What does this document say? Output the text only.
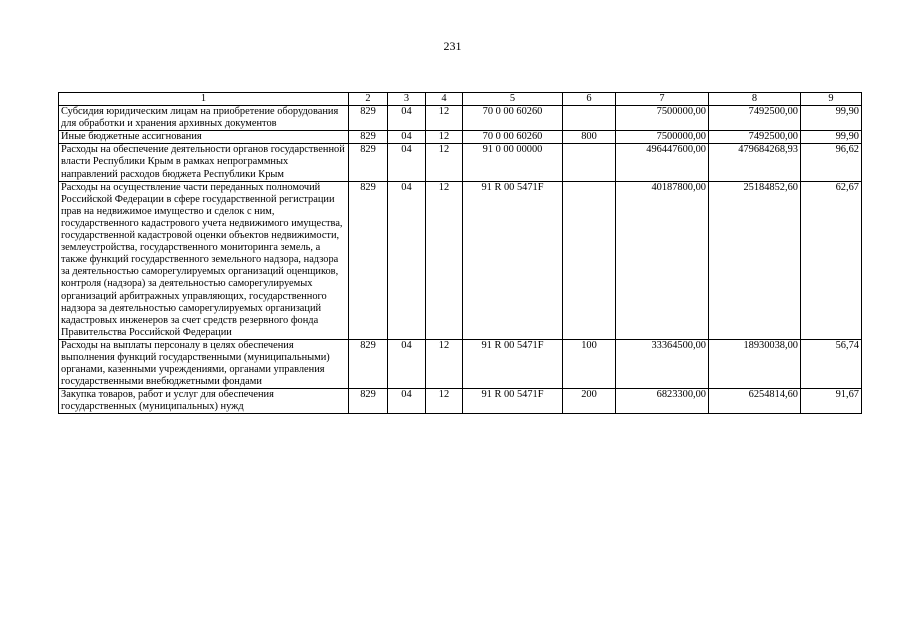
231
1	2	3	4	5	6	7	8	9
Субсидия юридическим лицам на приобретение оборудования для обработки и хранения архивных документов	829	04	12	70 0 00 60260		7500000,00	7492500,00	99,90
Иные бюджетные ассигнования	829	04	12	70 0 00 60260	800	7500000,00	7492500,00	99,90
Расходы на обеспечение деятельности органов государственной власти Республики Крым в рамках непрограммных направлений расходов бюджета Республики Крым	829	04	12	91 0 00 00000		496447600,00	479684268,93	96,62
Расходы на осуществление части переданных полномочий Российской Федерации в сфере государственной регистрации прав на недвижимое имущество и сделок с ним, государственного кадастрового учета недвижимого имущества, государственной кадастровой оценки объектов недвижимости, землеустройства, государственного мониторинга земель, а также функций государственного земельного надзора, надзора за деятельностью саморегулируемых организаций оценщиков, контроля (надзора) за деятельностью саморегулируемых организаций арбитражных управляющих, государственного надзора за деятельностью саморегулируемых организаций кадастровых инженеров за счет средств резервного фонда Правительства Российской Федерации	829	04	12	91 R 00 5471F		40187800,00	25184852,60	62,67
Расходы на выплаты персоналу в целях обеспечения выполнения функций государственными (муниципальными) органами, казенными учреждениями, органами управления государственными внебюджетными фондами	829	04	12	91 R 00 5471F	100	33364500,00	18930038,00	56,74
Закупка товаров, работ и услуг для обеспечения государственных (муниципальных) нужд	829	04	12	91 R 00 5471F	200	6823300,00	6254814,60	91,67
